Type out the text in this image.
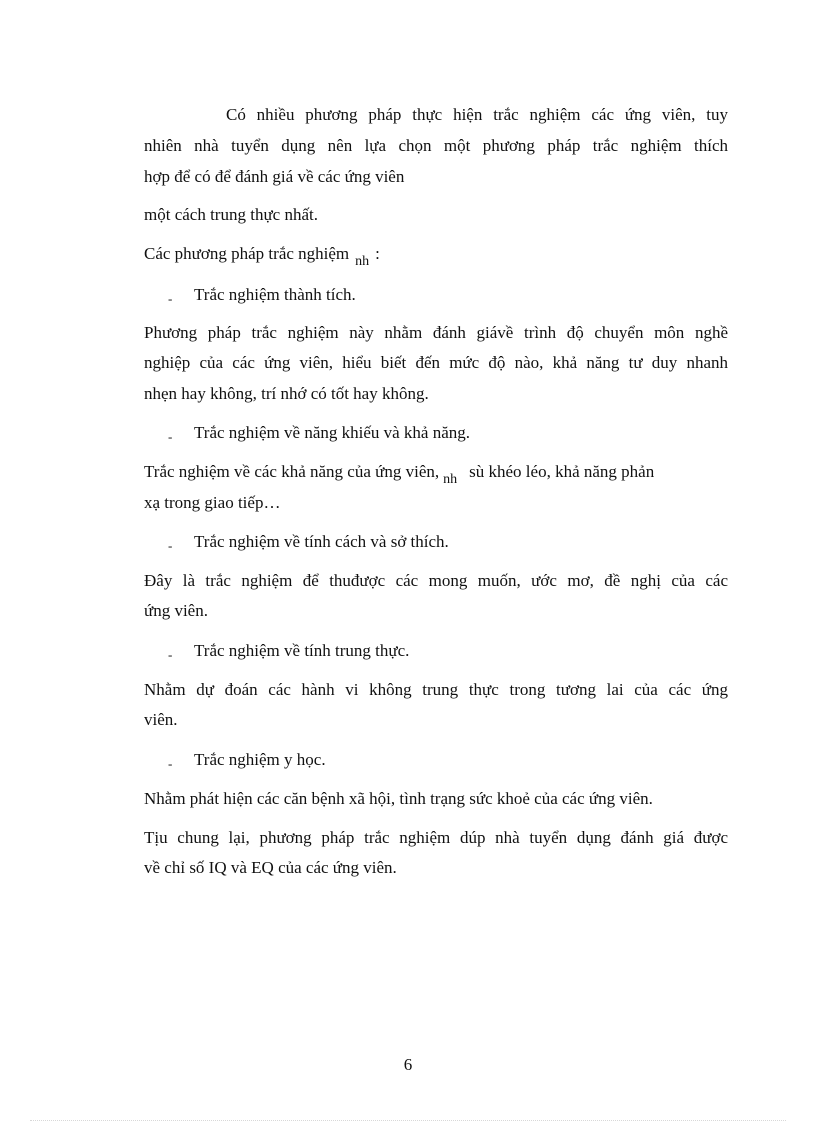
Có nhiều phương pháp thực hiện trắc nghiệm các ứng viên, tuy
nhiên nhà tuyển dụng nên lựa chọn một phương pháp trắc nghiệm thích
hợp để có để đánh giá về các ứng viên
một cách trung thực nhất.
Các phương pháp trắc nghiệm nh :
- Trắc nghiệm thành tích.
Phương pháp trắc nghiệm này nhằm đánh giávề trình độ chuyển môn nghề
nghiệp của các ứng viên, hiểu biết đến mức độ nào, khả năng tư duy nhanh
nhẹn hay không, trí nhớ có tốt hay không.
- Trắc nghiệm về năng khiếu và khả năng.
Trắc nghiệm về các khả năng của ứng viên, nh sù khéo léo, khả năng phản
xạ trong giao tiếp…
- Trắc nghiệm về tính cách và sở thích.
Đây là trắc nghiệm để thuđược các mong muốn, ước mơ, đề nghị của các
ứng viên.
- Trắc nghiệm về tính trung thực.
Nhằm dự đoán các hành vi không trung thực trong tương lai của các ứng
viên.
- Trắc nghiệm y học.
Nhằm phát hiện các căn bệnh xã hội, tình trạng sức khoẻ của các ứng viên.
Tịu chung lại, phương pháp trắc nghiệm dúp nhà tuyển dụng đánh giá được
về chỉ số IQ và EQ của các ứng viên.
6
